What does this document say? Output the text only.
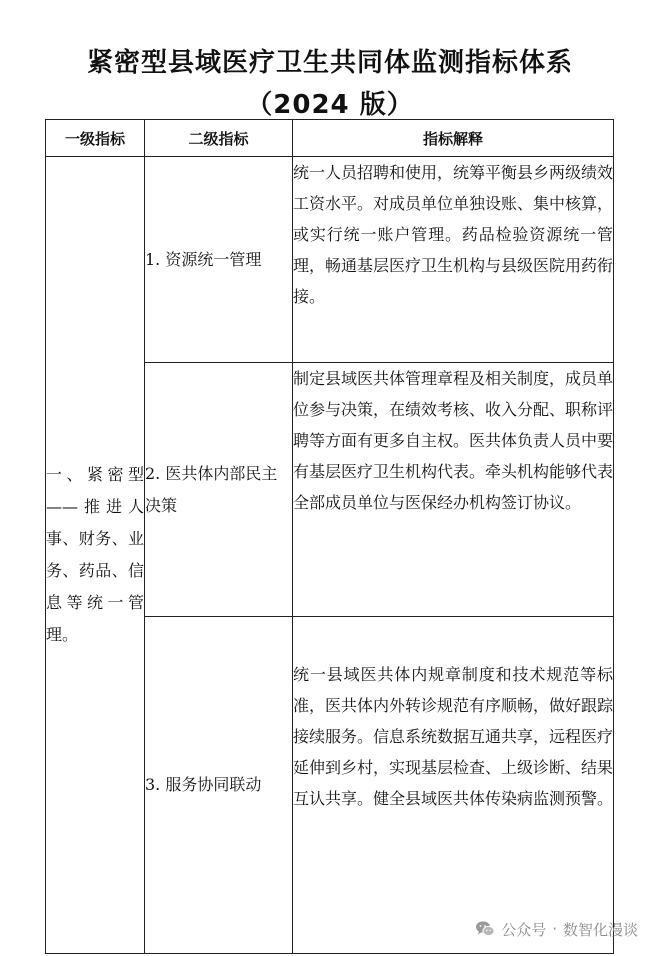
紧密型县域医疗卫生共同体监测指标体系
（2024 版）
一级指标	二级指标	指标解释
一、紧密型——推进人事、财务、业务、药品、信息等统一管理。	1. 资源统一管理	统一人员招聘和使用，统筹平衡县乡两级绩效工资水平。对成员单位单独设账、集中核算，或实行统一账户管理。药品检验资源统一管理，畅通基层医疗卫生机构与县级医院用药衔接。
	2. 医共体内部民主决策	制定县域医共体管理章程及相关制度，成员单位参与决策，在绩效考核、收入分配、职称评聘等方面有更多自主权。医共体负责人员中要有基层医疗卫生机构代表。牵头机构能够代表全部成员单位与医保经办机构签订协议。
	3. 服务协同联动	统一县域医共体内规章制度和技术规范等标准，医共体内外转诊规范有序顺畅，做好跟踪接续服务。信息系统数据互通共享，远程医疗延伸到乡村，实现基层检查、上级诊断、结果互认共享。健全县域医共体传染病监测预警。
公众号 · 数智化漫谈
